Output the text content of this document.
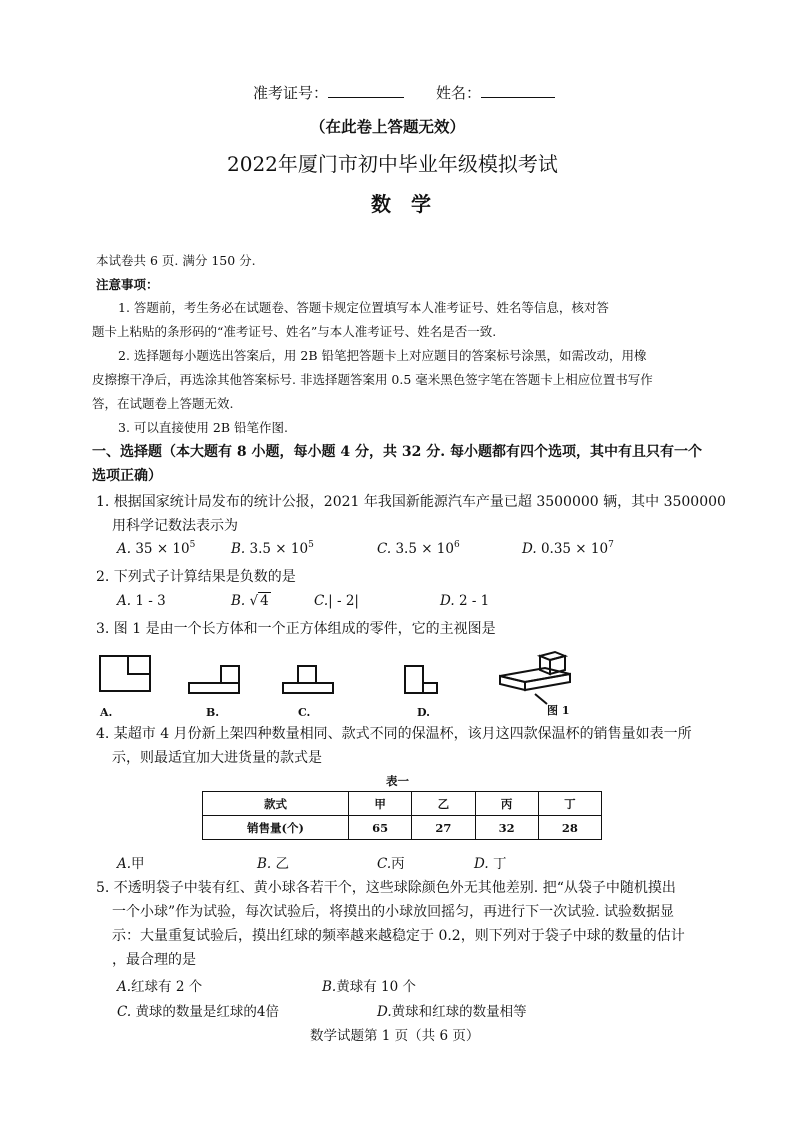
准考证号：	姓名：
（在此卷上答题无效）
2022年厦门市初中毕业年级模拟考试
数　学
本试卷共 6 页. 满分 150 分.
注意事项：
1. 答题前，考生务必在试题卷、答题卡规定位置填写本人准考证号、姓名等信息，核对答
题卡上粘贴的条形码的“准考证号、姓名”与本人准考证号、姓名是否一致.
2. 选择题每小题选出答案后，用 2B 铅笔把答题卡上对应题目的答案标号涂黑，如需改动，用橡
皮擦擦干净后，再选涂其他答案标号. 非选择题答案用 0.5 毫米黑色签字笔在答题卡上相应位置书写作
答，在试题卷上答题无效.
3. 可以直接使用 2B 铅笔作图.
一、选择题（本大题有 8 小题，每小题 4 分，共 32 分. 每小题都有四个选项，其中有且只有一个
选项正确）
1. 根据国家统计局发布的统计公报，2021 年我国新能源汽车产量已超 3500000 辆，其中 3500000
用科学记数法表示为
A. $35 \times 10^5$	B. $3.5 \times 10^5$	C. $3.5 \times 10^6$	D. $0.35 \times 10^7$
2. 下列式子计算结果是负数的是
A. 1 - 3	B. √ 4	C.| - 2|	D. 2 - 1
3. 图 1 是由一个长方体和一个正方体组成的零件，它的主视图是
A.	B.	C.	D.	图 1
4. 某超市 4 月份新上架四种数量相同、款式不同的保温杯，该月这四款保温杯的销售量如表一所
示，则最适宜加大进货量的款式是
表一
款式	甲	乙	丙	丁
销售量(个)	65	27	32	28
A.甲	B. 乙	C.丙	D. 丁
5. 不透明袋子中装有红、黄小球各若干个，这些球除颜色外无其他差别. 把“从袋子中随机摸出
一个小球”作为试验，每次试验后，将摸出的小球放回摇匀，再进行下一次试验. 试验数据显
示：大量重复试验后，摸出红球的频率越来越稳定于 0.2，则下列对于袋子中球的数量的估计
，最合理的是
A.红球有 2 个	B.黄球有 10 个
C. 黄球的数量是红球的4倍	D.黄球和红球的数量相等
数学试题第 1 页（共 6 页）
